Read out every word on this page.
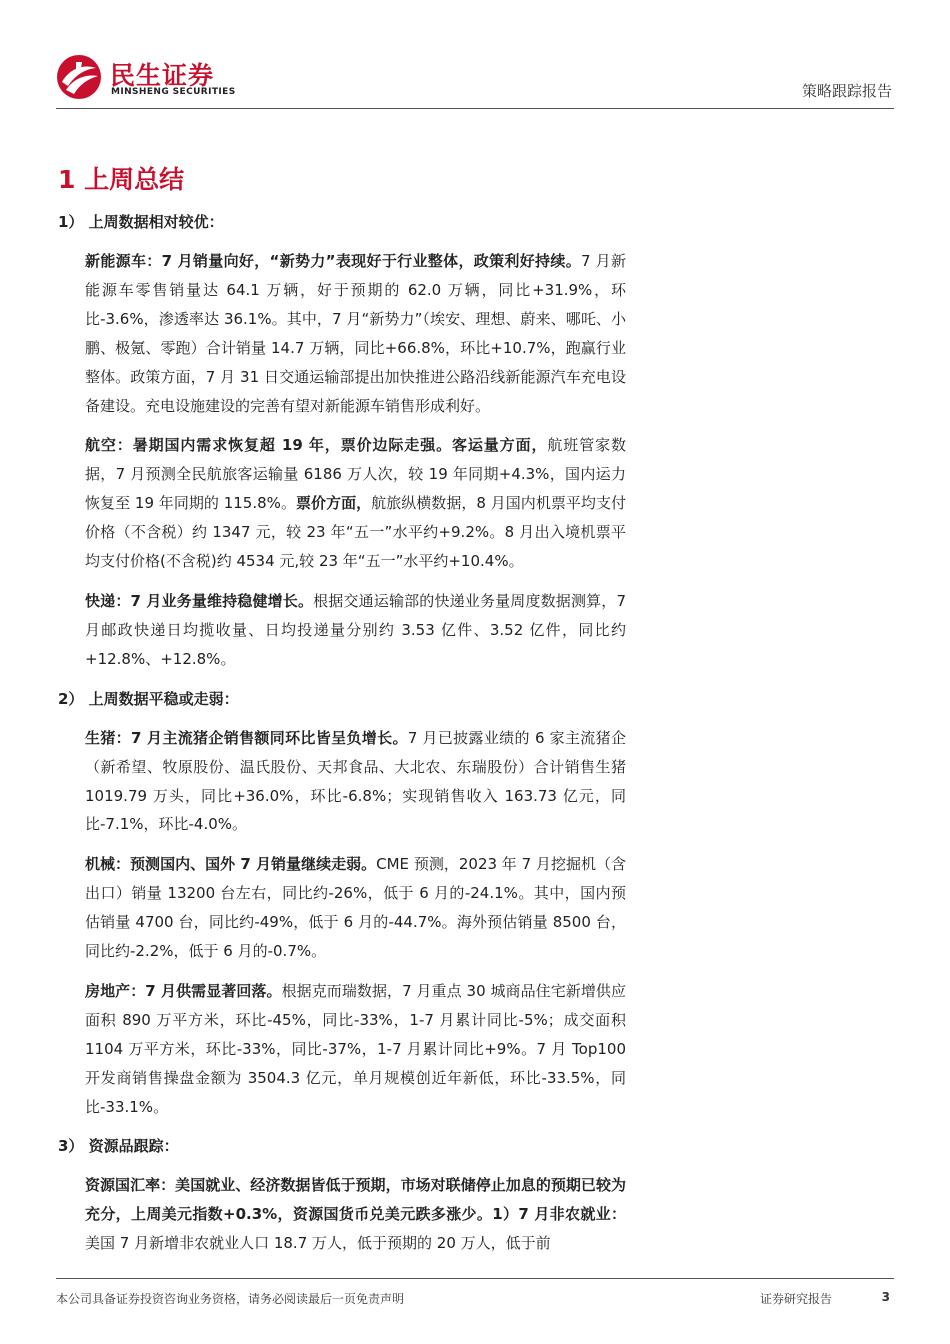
民生证券
MINSHENG SECURITIES	策略跟踪报告
1 上周总结
1） 上周数据相对较优：

新能源车：7 月销量向好，“新势力”表现好于行业整体，政策利好持续。7 月新能源车零售销量达 64.1 万辆，好于预期的 62.0 万辆，同比+31.9%，环比-3.6%，渗透率达 36.1%。其中，7 月“新势力”（埃安、理想、蔚来、哪吒、小鹏、极氪、零跑）合计销量 14.7 万辆，同比+66.8%，环比+10.7%，跑赢行业整体。政策方面，7 月 31 日交通运输部提出加快推进公路沿线新能源汽车充电设备建设。充电设施建设的完善有望对新能源车销售形成利好。

航空：暑期国内需求恢复超 19 年，票价边际走强。客运量方面，航班管家数据，7 月预测全民航旅客运输量 6186 万人次，较 19 年同期+4.3%，国内运力恢复至 19 年同期的 115.8%。票价方面，航旅纵横数据，8 月国内机票平均支付价格（不含税）约 1347 元，较 23 年“五一”水平约+9.2%。8 月出入境机票平均支付价格(不含税)约 4534 元,较 23 年“五一”水平约+10.4%。

快递：7 月业务量维持稳健增长。根据交通运输部的快递业务量周度数据测算，7 月邮政快递日均揽收量、日均投递量分别约 3.53 亿件、3.52 亿件，同比约+12.8%、+12.8%。

2） 上周数据平稳或走弱：

生猪：7 月主流猪企销售额同环比皆呈负增长。7 月已披露业绩的 6 家主流猪企（新希望、牧原股份、温氏股份、天邦食品、大北农、东瑞股份）合计销售生猪 1019.79 万头，同比+36.0%，环比-6.8%；实现销售收入 163.73 亿元，同比-7.1%，环比-4.0%。

机械：预测国内、国外 7 月销量继续走弱。CME 预测，2023 年 7 月挖掘机（含出口）销量 13200 台左右，同比约-26%，低于 6 月的-24.1%。其中，国内预估销量 4700 台，同比约-49%，低于 6 月的-44.7%。海外预估销量 8500 台，同比约-2.2%，低于 6 月的-0.7%。

房地产：7 月供需显著回落。根据克而瑞数据，7 月重点 30 城商品住宅新增供应面积 890 万平方米，环比-45%，同比-33%，1-7 月累计同比-5%；成交面积 1104 万平方米，环比-33%，同比-37%，1-7 月累计同比+9%。7 月 Top100 开发商销售操盘金额为 3504.3 亿元，单月规模创近年新低，环比-33.5%，同比-33.1%。

3） 资源品跟踪：

资源国汇率：美国就业、经济数据皆低于预期，市场对联储停止加息的预期已较为充分，上周美元指数+0.3%，资源国货币兑美元跌多涨少。1）7 月非农就业：美国 7 月新增非农就业人口 18.7 万人，低于预期的 20 万人，低于前

本公司具备证券投资咨询业务资格，请务必阅读最后一页免责声明	证券研究报告	3
